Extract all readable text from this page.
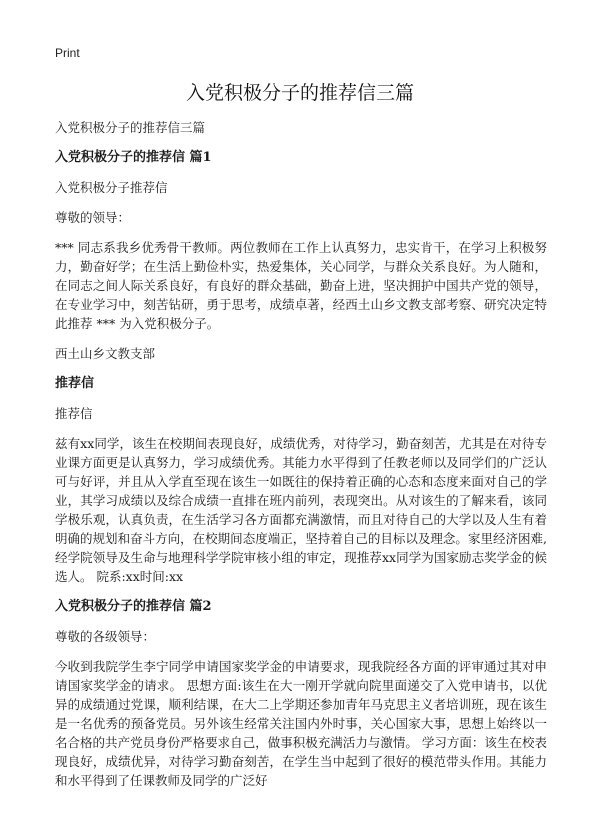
Print
入党积极分子的推荐信三篇

入党积极分子的推荐信三篇

入党积极分子的推荐信 篇1

入党积极分子推荐信

尊敬的领导：

*** 同志系我乡优秀骨干教师。两位教师在工作上认真努力，忠实肯干，在学习上积极努力，勤奋好学；在生活上勤俭朴实，热爱集体，关心同学，与群众关系良好。为人随和，在同志之间人际关系良好，有良好的群众基础，勤奋上进，坚决拥护中国共产党的领导，在专业学习中，刻苦钻研，勇于思考，成绩卓著，经西土山乡文教支部考察、研究决定特此推荐 *** 为入党积极分子。

西土山乡文教支部

推荐信

推荐信

兹有xx同学，该生在校期间表现良好，成绩优秀，对待学习，勤奋刻苦，尤其是在对待专业课方面更是认真努力，学习成绩优秀。其能力水平得到了任教老师以及同学们的广泛认可与好评，并且从入学直至现在该生一如既往的保持着正确的心态和态度来面对自己的学业，其学习成绩以及综合成绩一直排在班内前列，表现突出。从对该生的了解来看，该同学极乐观，认真负责，在生活学习各方面都充满激情，而且对待自己的大学以及人生有着明确的规划和奋斗方向，在校期间态度端正，坚持着自己的目标以及理念。家里经济困难,经学院领导及生命与地理科学学院审核小组的审定，现推荐xx同学为国家励志奖学金的候选人。 院系:xx时间:xx

入党积极分子的推荐信 篇2

尊敬的各级领导：

今收到我院学生李宁同学申请国家奖学金的申请要求，现我院经各方面的评审通过其对申请国家奖学金的请求。 思想方面:该生在大一刚开学就向院里面递交了入党申请书，以优异的成绩通过党课，顺利结课，在大二上学期还参加青年马克思主义者培训班，现在该生是一名优秀的预备党员。另外该生经常关注国内外时事，关心国家大事，思想上始终以一名合格的共产党员身份严格要求自己，做事积极充满活力与激情。 学习方面：该生在校表现良好，成绩优异，对待学习勤奋刻苦，在学生当中起到了很好的模范带头作用。其能力和水平得到了任课教师及同学的广泛好
